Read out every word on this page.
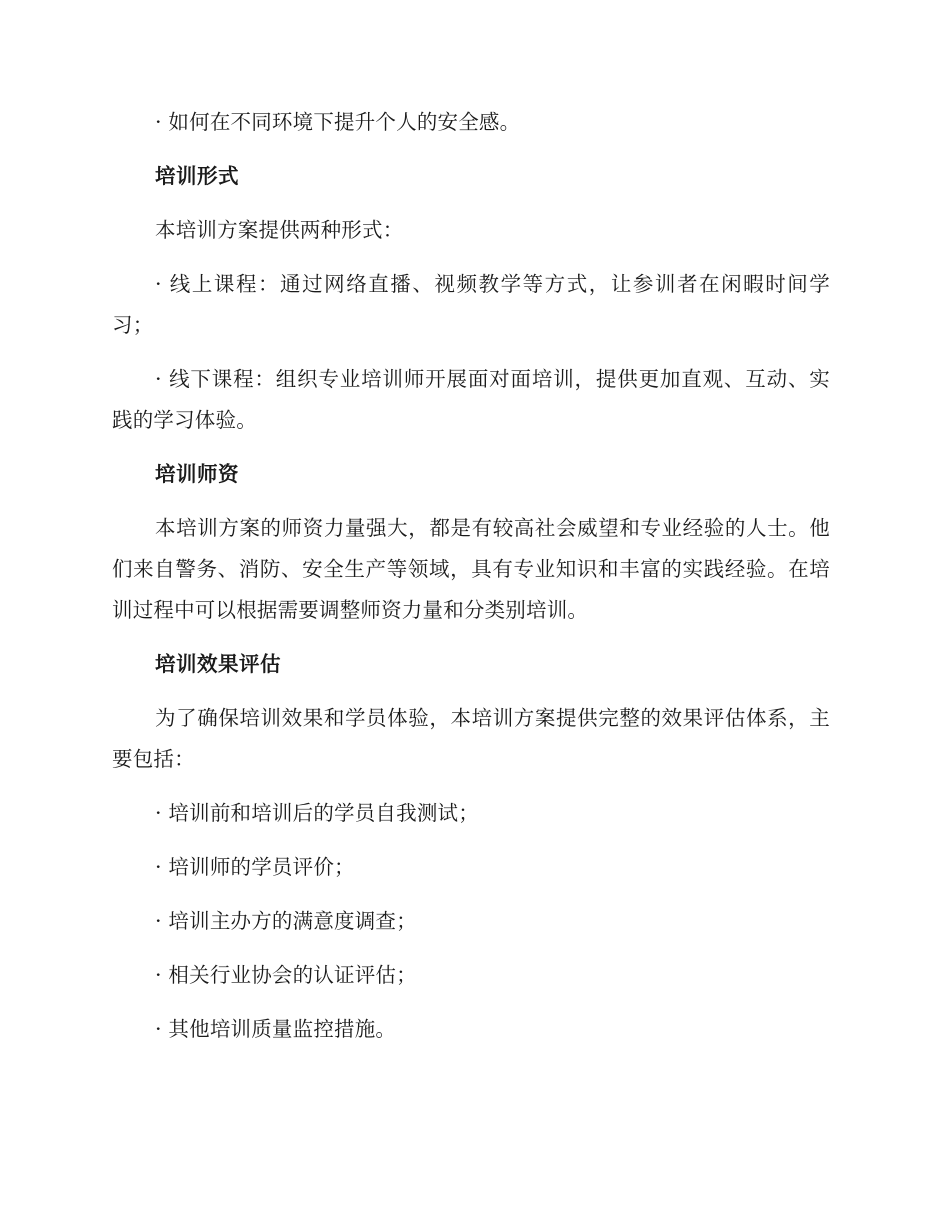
· 如何在不同环境下提升个人的安全感。

培训形式

本培训方案提供两种形式：

· 线上课程：通过网络直播、视频教学等方式，让参训者在闲暇时间学习；

· 线下课程：组织专业培训师开展面对面培训，提供更加直观、互动、实践的学习体验。

培训师资

本培训方案的师资力量强大，都是有较高社会威望和专业经验的人士。他们来自警务、消防、安全生产等领域，具有专业知识和丰富的实践经验。在培训过程中可以根据需要调整师资力量和分类别培训。

培训效果评估

为了确保培训效果和学员体验，本培训方案提供完整的效果评估体系，主要包括：

· 培训前和培训后的学员自我测试；

· 培训师的学员评价；

· 培训主办方的满意度调查；

· 相关行业协会的认证评估；

· 其他培训质量监控措施。
